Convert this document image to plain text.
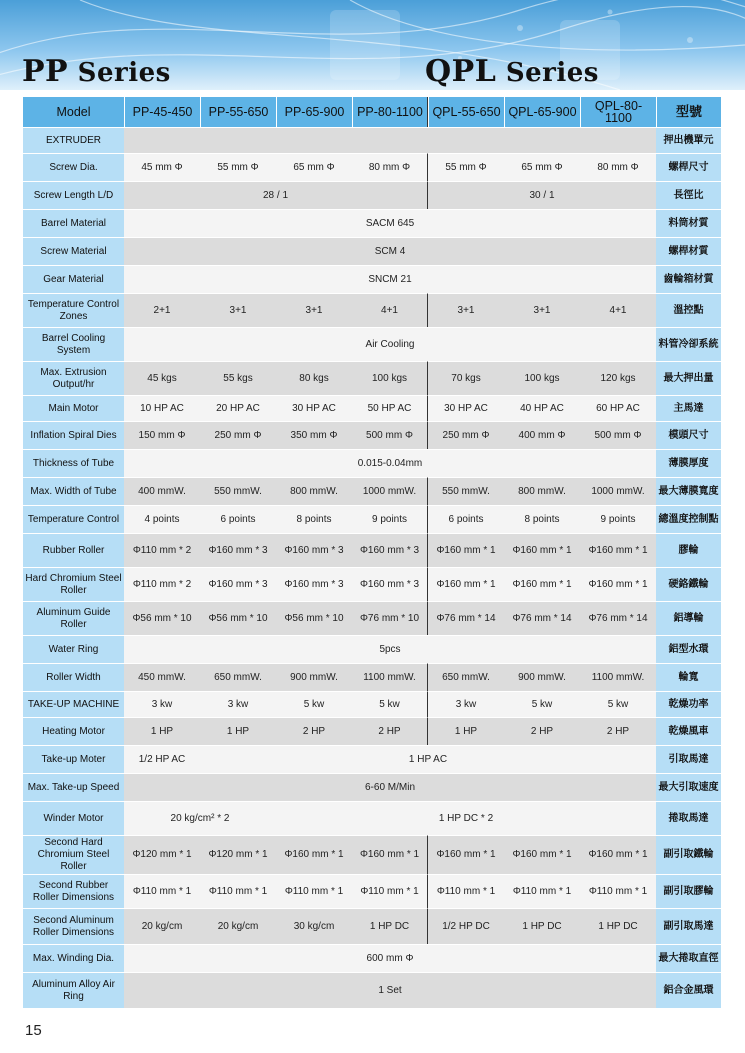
PP Series	QPL Series
Model	PP-45-450	PP-55-650	PP-65-900	PP-80-1100	QPL-55-650	QPL-65-900	QPL-80-1100	型號
EXTRUDER								押出機單元
Screw Dia.	45 mm Φ	55 mm Φ	65 mm Φ	80 mm Φ	55 mm Φ	65 mm Φ	80 mm Φ	螺桿尺寸
Screw Length L/D	28 / 1				30 / 1			長徑比
Barrel Material	SACM 645							料筒材質
Screw Material	SCM 4							螺桿材質
Gear Material	SNCM 21							齒輪箱材質
Temperature Control Zones	2+1	3+1	3+1	4+1	3+1	3+1	4+1	溫控點
Barrel Cooling System	Air Cooling							料管冷卻系統
Max. Extrusion Output/hr	45 kgs	55 kgs	80 kgs	100 kgs	70 kgs	100 kgs	120 kgs	最大押出量
Main Motor	10 HP AC	20 HP AC	30 HP AC	50 HP AC	30 HP AC	40 HP AC	60 HP AC	主馬達
Inflation Spiral Dies	150 mm Φ	250 mm Φ	350 mm Φ	500 mm Φ	250 mm Φ	400 mm Φ	500 mm Φ	模頭尺寸
Thickness of Tube	0.015-0.04mm							薄膜厚度
Max. Width of Tube	400 mmW.	550 mmW.	800 mmW.	1000 mmW.	550 mmW.	800 mmW.	1000 mmW.	最大薄膜寬度
Temperature Control	4 points	6 points	8 points	9 points	6 points	8 points	9 points	總溫度控制點
Rubber Roller	Φ110 mm * 2	Φ160 mm * 3	Φ160 mm * 3	Φ160 mm * 3	Φ160 mm * 1	Φ160 mm * 1	Φ160 mm * 1	膠輪
Hard Chromium Steel Roller	Φ110 mm * 2	Φ160 mm * 3	Φ160 mm * 3	Φ160 mm * 3	Φ160 mm * 1	Φ160 mm * 1	Φ160 mm * 1	硬鉻鐵輪
Aluminum Guide Roller	Φ56 mm * 10	Φ56 mm * 10	Φ56 mm * 10	Φ76 mm * 10	Φ76 mm * 14	Φ76 mm * 14	Φ76 mm * 14	鋁導輪
Water Ring	5pcs							鋁型水環
Roller Width	450 mmW.	650 mmW.	900 mmW.	1100 mmW.	650 mmW.	900 mmW.	1100 mmW.	輪寬
TAKE-UP MACHINE	3 kw	3 kw	5 kw	5 kw	3 kw	5 kw	5 kw	乾燥功率
Heating Motor	1 HP	1 HP	2 HP	2 HP	1 HP	2 HP	2 HP	乾燥風車
Take-up Moter	1/2 HP AC	1 HP AC						引取馬達
Max. Take-up Speed	6-60 M/Min							最大引取速度
Winder Motor	20 kg/cm² * 2		1 HP DC * 2					捲取馬達
Second Hard Chromium Steel Roller	Φ120 mm * 1	Φ120 mm * 1	Φ160 mm * 1	Φ160 mm * 1	Φ160 mm * 1	Φ160 mm * 1	Φ160 mm * 1	副引取鐵輪
Second Rubber Roller Dimensions	Φ110 mm * 1	Φ110 mm * 1	Φ110 mm * 1	Φ110 mm * 1	Φ110 mm * 1	Φ110 mm * 1	Φ110 mm * 1	副引取膠輪
Second Aluminum Roller Dimensions	20 kg/cm	20 kg/cm	30 kg/cm	1 HP DC	1/2 HP DC	1 HP DC	1 HP DC	副引取馬達
Max. Winding Dia.	600 mm Φ							最大捲取直徑
Aluminum Alloy Air Ring	1 Set							鋁合金風環
15
